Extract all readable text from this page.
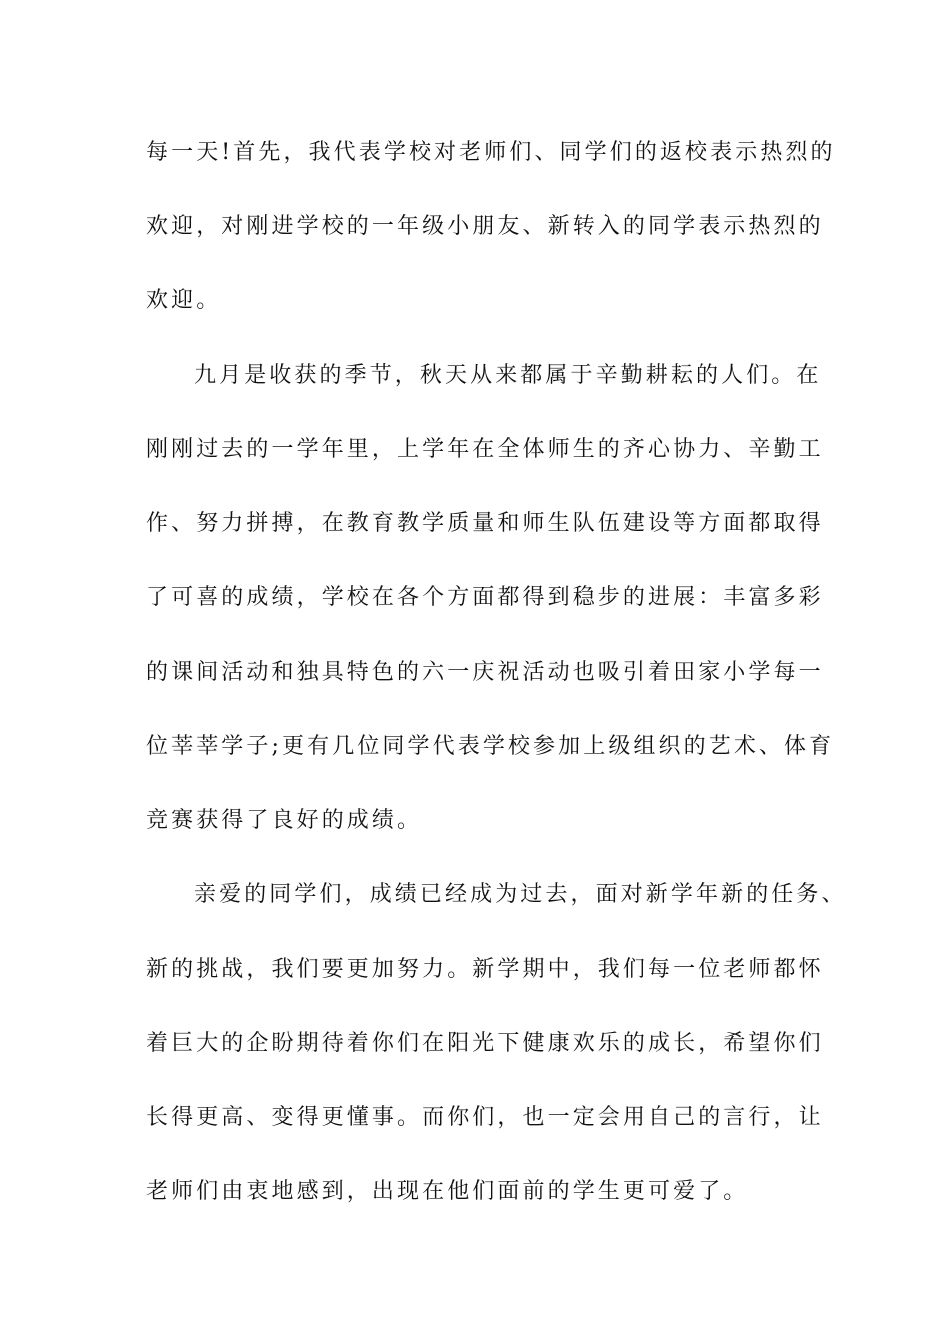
每一天!首先，我代表学校对老师们、同学们的返校表示热烈的
欢迎，对刚进学校的一年级小朋友、新转入的同学表示热烈的
欢迎。
九月是收获的季节，秋天从来都属于辛勤耕耘的人们。在
刚刚过去的一学年里，上学年在全体师生的齐心协力、辛勤工
作、努力拼搏，在教育教学质量和师生队伍建设等方面都取得
了可喜的成绩，学校在各个方面都得到稳步的进展：丰富多彩
的课间活动和独具特色的六一庆祝活动也吸引着田家小学每一
位莘莘学子;更有几位同学代表学校参加上级组织的艺术、体育
竞赛获得了良好的成绩。
亲爱的同学们，成绩已经成为过去，面对新学年新的任务、
新的挑战，我们要更加努力。新学期中，我们每一位老师都怀
着巨大的企盼期待着你们在阳光下健康欢乐的成长，希望你们
长得更高、变得更懂事。而你们，也一定会用自己的言行，让
老师们由衷地感到，出现在他们面前的学生更可爱了。
